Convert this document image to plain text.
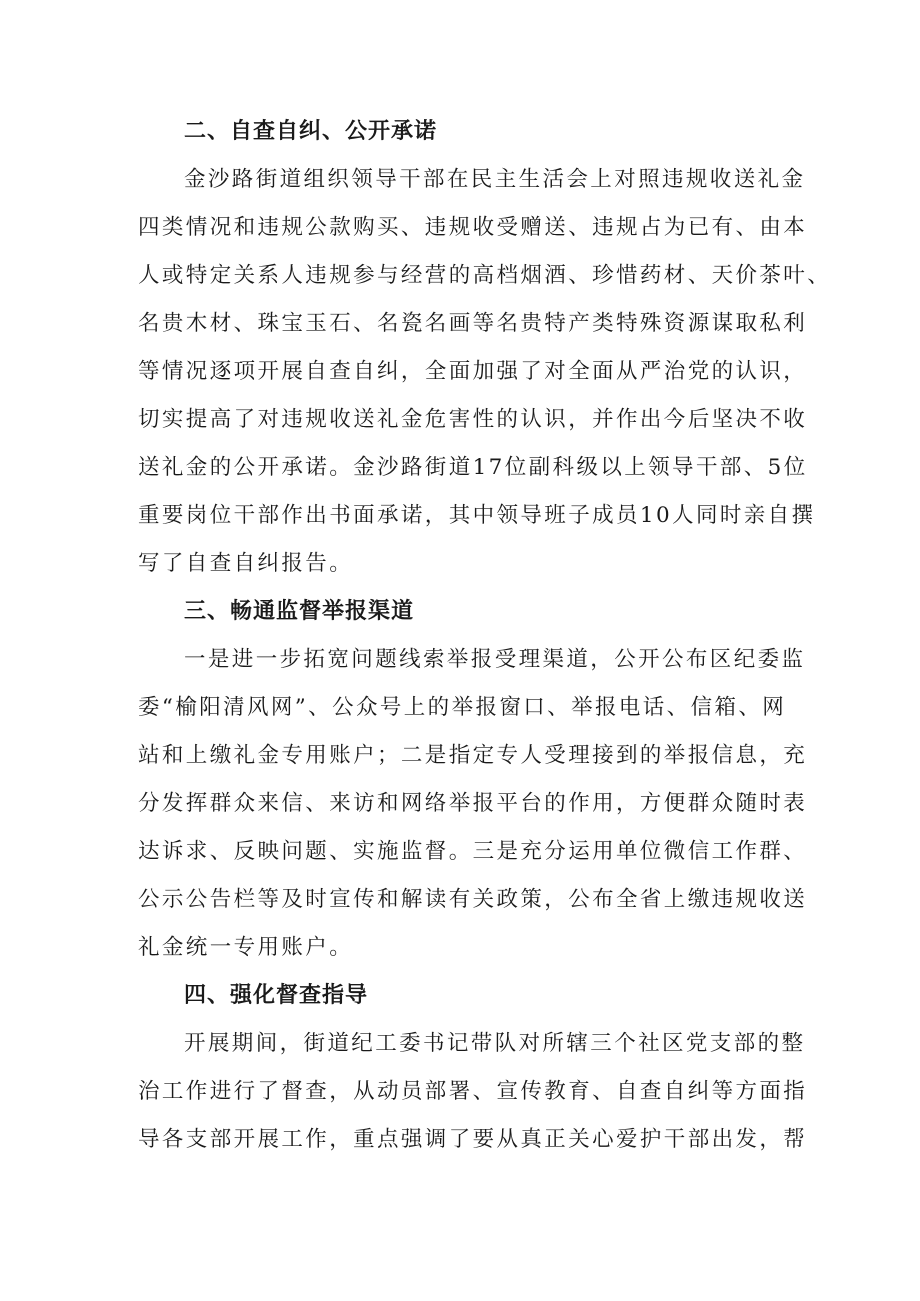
二、自查自纠、公开承诺
金沙路街道组织领导干部在民主生活会上对照违规收送礼金
四类情况和违规公款购买、违规收受赠送、违规占为已有、由本
人或特定关系人违规参与经营的高档烟酒、珍惜药材、天价茶叶、
名贵木材、珠宝玉石、名瓷名画等名贵特产类特殊资源谋取私利
等情况逐项开展自查自纠，全面加强了对全面从严治党的认识，
切实提高了对违规收送礼金危害性的认识，并作出今后坚决不收
送礼金的公开承诺。金沙路街道17位副科级以上领导干部、5位
重要岗位干部作出书面承诺，其中领导班子成员10人同时亲自撰
写了自查自纠报告。
三、畅通监督举报渠道
一是进一步拓宽问题线索举报受理渠道，公开公布区纪委监
委“榆阳清风网”、公众号上的举报窗口、举报电话、信箱、网
站和上缴礼金专用账户；二是指定专人受理接到的举报信息，充
分发挥群众来信、来访和网络举报平台的作用，方便群众随时表
达诉求、反映问题、实施监督。三是充分运用单位微信工作群、
公示公告栏等及时宣传和解读有关政策，公布全省上缴违规收送
礼金统一专用账户。
四、强化督查指导
开展期间，街道纪工委书记带队对所辖三个社区党支部的整
治工作进行了督查，从动员部署、宣传教育、自查自纠等方面指
导各支部开展工作，重点强调了要从真正关心爱护干部出发，帮
